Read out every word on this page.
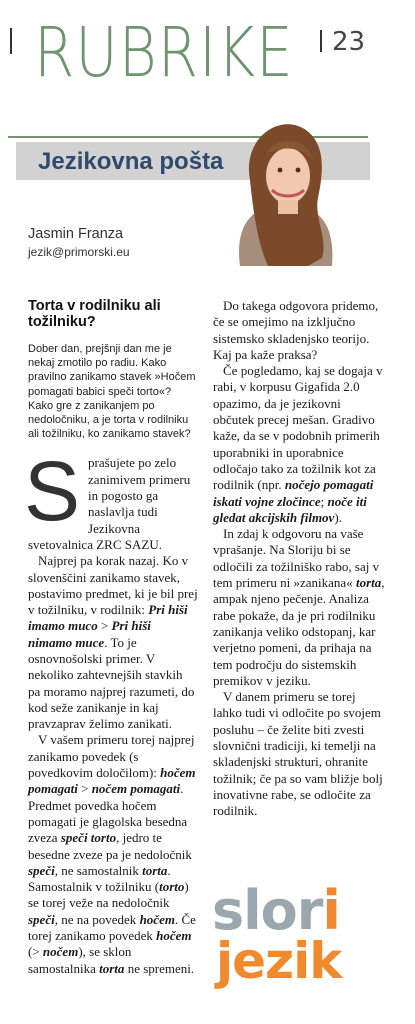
RUBRIKE 23
Jezikovna pošta
Jasmin Franza
jezik@primorski.eu
Torta v rodilniku ali tožilniku?
Dober dan, prejšnji dan me je nekaj zmotilo po radiu. Kako pravilno zanikamo stavek »Hočem pomagati babici speči torto«? Kako gre z zanikanjem po nedoločniku, a je torta v rodilniku ali tožilniku, ko zanikamo stavek?
S prašujete po zelo zanimivem primeru in pogosto ga naslavlja tudi Jezikovna svetovalnica ZRC SAZU.

Najprej pa korak nazaj. Ko v slovenščini zanikamo stavek, postavimo predmet, ki je bil prej v tožilniku, v rodilnik: Pri hiši imamo muco > Pri hiši nimamo muce. To je osnovnošolski primer. V nekoliko zahtevnejših stavkih pa moramo najprej razumeti, do kod seže zanikanje in kaj pravzaprav želimo zanikati.

V vašem primeru torej najprej zanikamo povedek (s povedkovim določilom): hočem pomagati > nočem pomagati. Predmet povedka hočem pomagati je glagolska besedna zveza speči torto, jedro te besedne zveze pa je nedoločnik speči, ne samostalnik torta. Samostalnik v tožilniku (torto) se torej veže na nedoločnik speči, ne na povedek hočem. Če torej zanikamo povedek hočem (> nočem), se sklon samostalnika torta ne spremeni.

Do takega odgovora pridemo, če se omejimo na izključno sistemsko skladenjsko teorijo. Kaj pa kaže praksa?

Če pogledamo, kaj se dogaja v rabi, v korpusu Gigafida 2.0 opazimo, da je jezikovni občutek precej mešan. Gradivo kaže, da se v podobnih primerih uporabniki in uporabnice odločajo tako za tožilnik kot za rodilnik (npr. nočejo pomagati iskati vojne zločince; noče iti gledat akcijskih filmov).

In zdaj k odgovoru na vaše vprašanje. Na Sloriju bi se odločili za tožilniško rabo, saj v tem primeru ni »zanikana« torta, ampak njeno pečenje. Analiza rabe pokaže, da je pri rodilniku zanikanja veliko odstopanj, kar verjetno pomeni, da prihaja na tem področju do sistemskih premikov v jeziku.

V danem primeru se torej lahko tudi vi odločite po svojem posluhu – če želite biti zvesti slovnični tradiciji, ki temelji na skladenjski strukturi, ohranite tožilnik; če pa so vam bližje bolj inovativne rabe, se odločite za rodilnik.

slori
jezik
